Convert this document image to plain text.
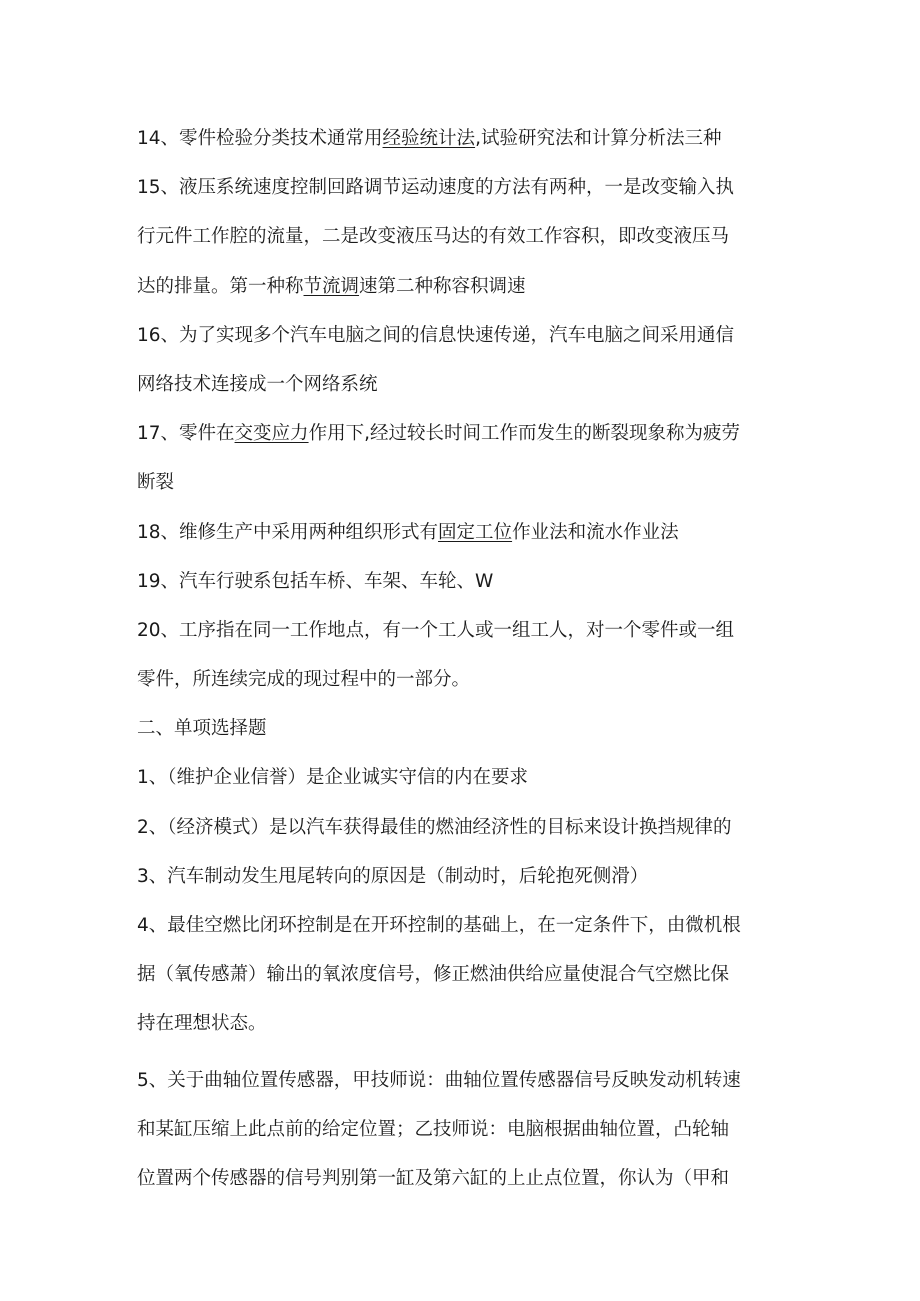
14、零件检验分类技术通常用经验统计法,试验研究法和计算分析法三种
15、液压系统速度控制回路调节运动速度的方法有两种，一是改变输入执
行元件工作腔的流量，二是改变液压马达的有效工作容积，即改变液压马
达的排量。第一种称节流调速第二种称容积调速
16、为了实现多个汽车电脑之间的信息快速传递，汽车电脑之间采用通信
网络技术连接成一个网络系统
17、零件在交变应力作用下,经过较长时间工作而发生的断裂现象称为疲劳
断裂
18、维修生产中采用两种组织形式有固定工位作业法和流水作业法
19、汽车行驶系包括车桥、车架、车轮、W
20、工序指在同一工作地点，有一个工人或一组工人，对一个零件或一组
零件，所连续完成的现过程中的一部分。
二、单项选择题
1、（维护企业信誉）是企业诚实守信的内在要求
2、（经济模式）是以汽车获得最佳的燃油经济性的目标来设计换挡规律的
3、汽车制动发生甩尾转向的原因是（制动时，后轮抱死侧滑）
4、最佳空燃比闭环控制是在开环控制的基础上，在一定条件下，由微机根
据（氧传感萧）输出的氧浓度信号，修正燃油供给应量使混合气空燃比保
持在理想状态。
5、关于曲轴位置传感器，甲技师说：曲轴位置传感器信号反映发动机转速
和某缸压缩上此点前的给定位置；乙技师说：电脑根据曲轴位置，凸轮轴
位置两个传感器的信号判别第一缸及第六缸的上止点位置，你认为（甲和
